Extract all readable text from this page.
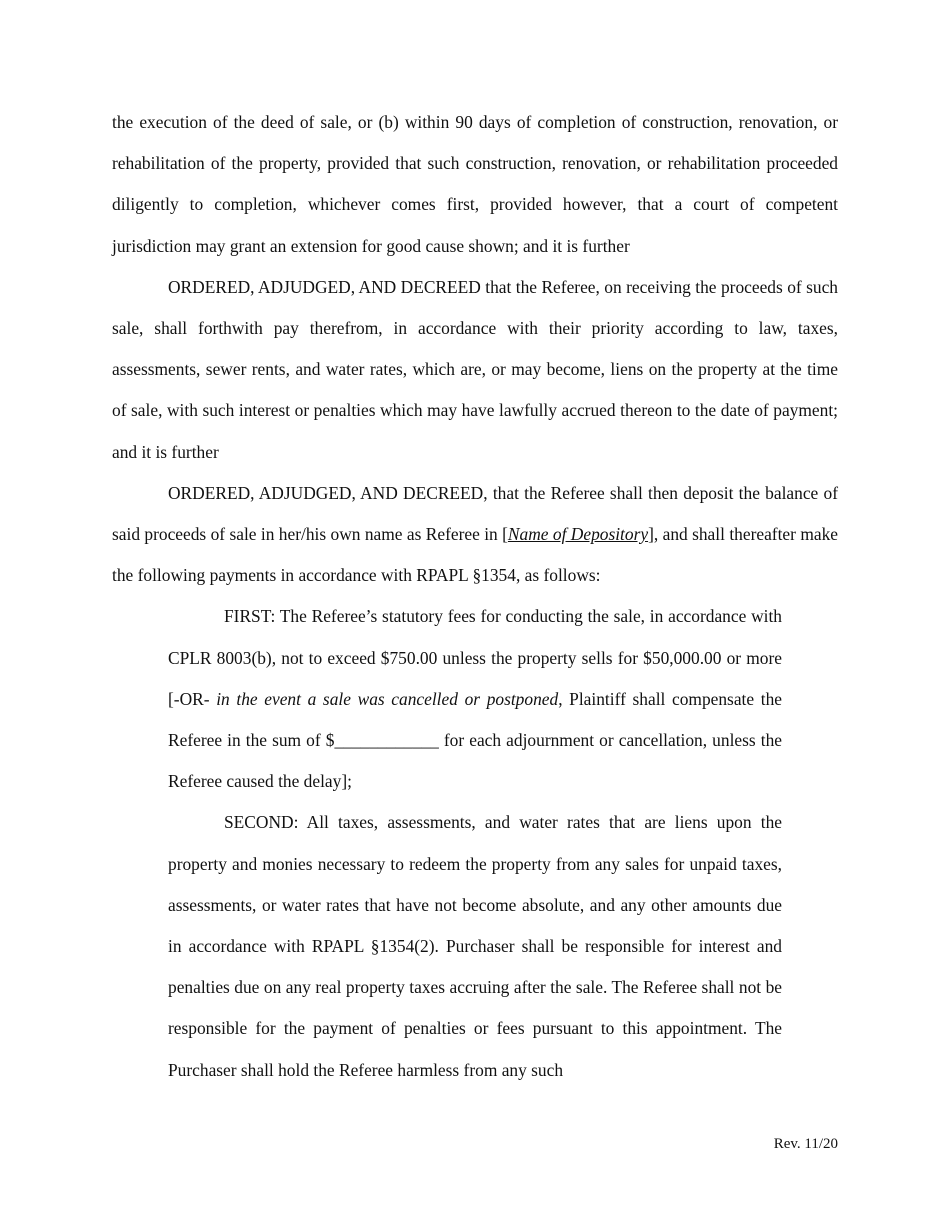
the execution of the deed of sale, or (b) within 90 days of completion of construction, renovation, or rehabilitation of the property, provided that such construction, renovation, or rehabilitation proceeded diligently to completion, whichever comes first, provided however, that a court of competent jurisdiction may grant an extension for good cause shown; and it is further

ORDERED, ADJUDGED, AND DECREED that the Referee, on receiving the proceeds of such sale, shall forthwith pay therefrom, in accordance with their priority according to law, taxes, assessments, sewer rents, and water rates, which are, or may become, liens on the property at the time of sale, with such interest or penalties which may have lawfully accrued thereon to the date of payment; and it is further

ORDERED, ADJUDGED, AND DECREED, that the Referee shall then deposit the balance of said proceeds of sale in her/his own name as Referee in [Name of Depository], and shall thereafter make the following payments in accordance with RPAPL §1354, as follows:

FIRST: The Referee’s statutory fees for conducting the sale, in accordance with CPLR 8003(b), not to exceed $750.00 unless the property sells for $50,000.00 or more [-OR- in the event a sale was cancelled or postponed, Plaintiff shall compensate the Referee in the sum of $____________ for each adjournment or cancellation, unless the Referee caused the delay];

SECOND: All taxes, assessments, and water rates that are liens upon the property and monies necessary to redeem the property from any sales for unpaid taxes, assessments, or water rates that have not become absolute, and any other amounts due in accordance with RPAPL §1354(2). Purchaser shall be responsible for interest and penalties due on any real property taxes accruing after the sale. The Referee shall not be responsible for the payment of penalties or fees pursuant to this appointment. The Purchaser shall hold the Referee harmless from any such

Rev. 11/20
